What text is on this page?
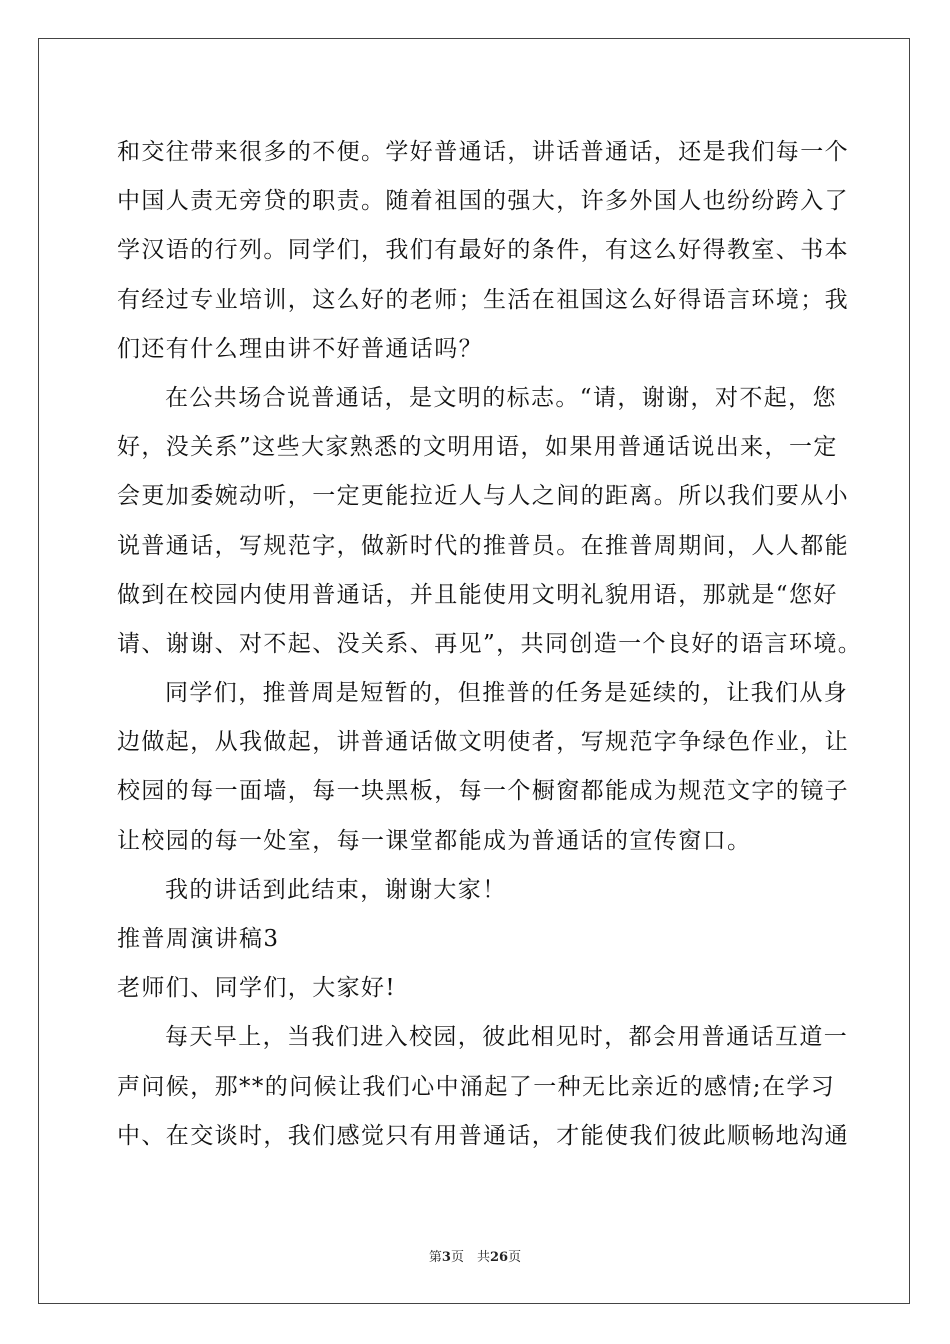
和交往带来很多的不便。学好普通话，讲话普通话，还是我们每一个
中国人责无旁贷的职责。随着祖国的强大，许多外国人也纷纷跨入了
学汉语的行列。同学们，我们有最好的条件，有这么好得教室、书本
有经过专业培训，这么好的老师；生活在祖国这么好得语言环境；我
们还有什么理由讲不好普通话吗？
在公共场合说普通话，是文明的标志。“请，谢谢，对不起，您
好，没关系”这些大家熟悉的文明用语，如果用普通话说出来，一定
会更加委婉动听，一定更能拉近人与人之间的距离。所以我们要从小
说普通话，写规范字，做新时代的推普员。在推普周期间，人人都能
做到在校园内使用普通话，并且能使用文明礼貌用语，那就是“您好
请、谢谢、对不起、没关系、再见”，共同创造一个良好的语言环境。
同学们，推普周是短暂的，但推普的任务是延续的，让我们从身
边做起，从我做起，讲普通话做文明使者，写规范字争绿色作业，让
校园的每一面墙，每一块黑板，每一个橱窗都能成为规范文字的镜子
让校园的每一处室，每一课堂都能成为普通话的宣传窗口。
我的讲话到此结束，谢谢大家！
推普周演讲稿3
老师们、同学们，大家好!
每天早上，当我们进入校园，彼此相见时，都会用普通话互道一
声问候，那**的问候让我们心中涌起了一种无比亲近的感情;在学习
中、在交谈时，我们感觉只有用普通话，才能使我们彼此顺畅地沟通
第3页　共26页
